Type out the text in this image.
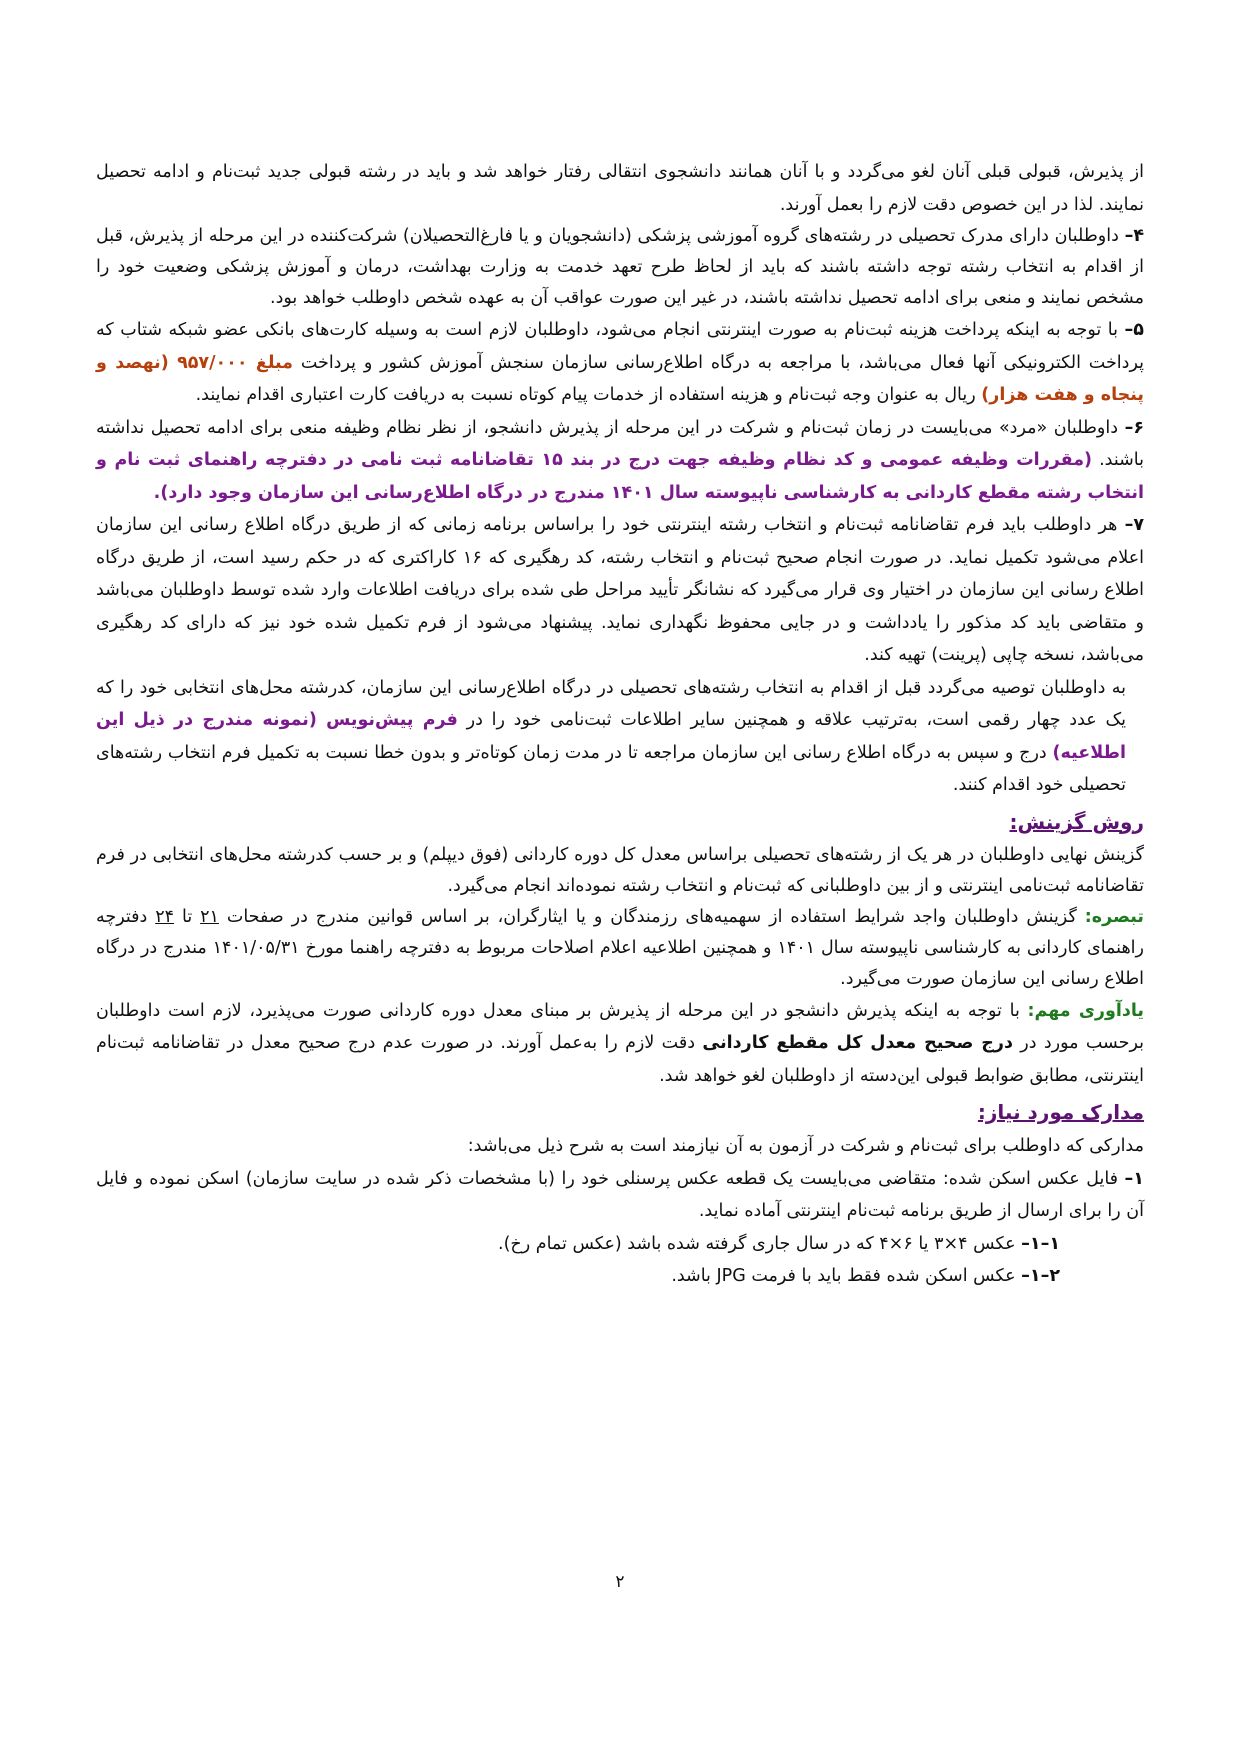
از پذیرش، قبولی قبلی آنان لغو می‌گردد و با آنان همانند دانشجوی انتقالی رفتار خواهد شد و باید در رشته قبولی جدید ثبت‌نام و ادامه تحصیل نمایند. لذا در این خصوص دقت لازم را بعمل آورند.

۴– داوطلبان دارای مدرک تحصیلی در رشته‌های گروه آموزشی پزشکی (دانشجویان و یا فارغ‌التحصیلان) شرکت‌کننده در این مرحله از پذیرش، قبل از اقدام به انتخاب رشته توجه داشته باشند که باید از لحاظ طرح تعهد خدمت به وزارت بهداشت، درمان و آموزش پزشکی وضعیت خود را مشخص نمایند و منعی برای ادامه تحصیل نداشته باشند، در غیر این صورت عواقب آن به عهده شخص داوطلب خواهد بود.

۵– با توجه به اینکه پرداخت هزینه ثبت‌نام به صورت اینترنتی انجام می‌شود، داوطلبان لازم است به وسیله کارت‌های بانکی عضو شبکه شتاب که پرداخت الکترونیکی آنها فعال می‌باشد، با مراجعه به درگاه اطلاع‌رسانی سازمان سنجش آموزش کشور و پرداخت مبلغ ۹۵۷/۰۰۰ (نهصد و پنجاه و هفت هزار) ریال به عنوان وجه ثبت‌نام و هزینه استفاده از خدمات پیام کوتاه نسبت به دریافت کارت اعتباری اقدام نمایند.

۶– داوطلبان «مرد» می‌بایست در زمان ثبت‌نام و شرکت در این مرحله از پذیرش دانشجو، از نظر نظام وظیفه منعی برای ادامه تحصیل نداشته باشند. (مقررات وظیفه عمومی و کد نظام وظیفه جهت درج در بند ۱۵ تقاضانامه ثبت نامی در دفترچه راهنمای ثبت نام و انتخاب رشته مقطع کاردانی به کارشناسی ناپیوسته سال ۱۴۰۱ مندرج در درگاه اطلاع‌رسانی این سازمان وجود دارد).

۷– هر داوطلب باید فرم تقاضانامه ثبت‌نام و انتخاب رشته اینترنتی خود را براساس برنامه زمانی که از طریق درگاه اطلاع رسانی این سازمان اعلام می‌شود تکمیل نماید. در صورت انجام صحیح ثبت‌نام و انتخاب رشته، کد رهگیری که ۱۶ کاراکتری که در حکم رسید است، از طریق درگاه اطلاع رسانی این سازمان در اختیار وی قرار می‌گیرد که نشانگر تأیید مراحل طی شده برای دریافت اطلاعات وارد شده توسط داوطلبان می‌باشد و متقاضی باید کد مذکور را یادداشت و در جایی محفوظ نگهداری نماید. پیشنهاد می‌شود از فرم تکمیل شده خود نیز که دارای کد رهگیری می‌باشد، نسخه چاپی (پرینت) تهیه کند.

به داوطلبان توصیه می‌گردد قبل از اقدام به انتخاب رشته‌های تحصیلی در درگاه اطلاع‌رسانی این سازمان، کدرشته محل‌های انتخابی خود را که یک عدد چهار رقمی است، به‌ترتیب علاقه و همچنین سایر اطلاعات ثبت‌نامی خود را در فرم پیش‌نویس (نمونه مندرج در ذیل این اطلاعیه) درج و سپس به درگاه اطلاع رسانی این سازمان مراجعه تا در مدت زمان کوتاه‌تر و بدون خطا نسبت به تکمیل فرم انتخاب رشته‌های تحصیلی خود اقدام کنند.

روش گزینش:

گزینش نهایی داوطلبان در هر یک از رشته‌های تحصیلی براساس معدل کل دوره کاردانی (فوق دیپلم) و بر حسب کدرشته محل‌های انتخابی در فرم تقاضانامه ثبت‌نامی اینترنتی و از بین داوطلبانی که ثبت‌نام و انتخاب رشته نموده‌اند انجام می‌گیرد.

تبصره: گزینش داوطلبان واجد شرایط استفاده از سهمیه‌های رزمندگان و یا ایثارگران، بر اساس قوانین مندرج در صفحات ۲۱ تا ۲۴ دفترچه راهنمای کاردانی به کارشناسی ناپیوسته سال ۱۴۰۱ و همچنین اطلاعیه اعلام اصلاحات مربوط به دفترچه راهنما مورخ ۱۴۰۱/۰۵/۳۱ مندرج در درگاه اطلاع رسانی این سازمان صورت می‌گیرد.

یادآوری مهم: با توجه به اینکه پذیرش دانشجو در این مرحله از پذیرش بر مبنای معدل دوره کاردانی صورت می‌پذیرد، لازم است داوطلبان برحسب مورد در درج صحیح معدل کل مقطع کاردانی دقت لازم را به‌عمل آورند. در صورت عدم درج صحیح معدل در تقاضانامه ثبت‌نام اینترنتی، مطابق ضوابط قبولی این‌دسته از داوطلبان لغو خواهد شد.

مدارک مورد نیاز:

مدارکی که داوطلب برای ثبت‌نام و شرکت در آزمون به آن نیازمند است به شرح ذیل می‌باشد:

۱– فایل عکس اسکن شده: متقاضی می‌بایست یک قطعه عکس پرسنلی خود را (با مشخصات ذکر شده در سایت سازمان) اسکن نموده و فایل آن را برای ارسال از طریق برنامه ثبت‌نام اینترنتی آماده نماید.

۱–۱– عکس ۴×۳ یا ۶×۴ که در سال جاری گرفته شده باشد (عکس تمام رخ).

۲–۱– عکس اسکن شده فقط باید با فرمت JPG باشد.

۲
